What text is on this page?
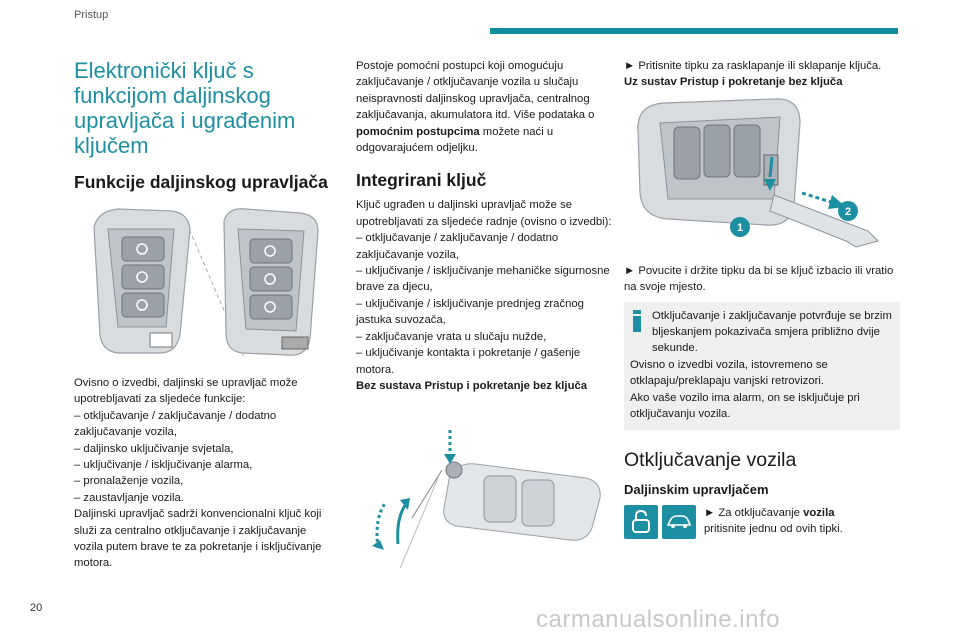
Pristup
Elektronički ključ s funkcijom daljinskog upravljača i ugrađenim ključem
Funkcije daljinskog upravljača

Ovisno o izvedbi, daljinski se upravljač može upotrebljavati za sljedeće funkcije:

– otključavanje / zaključavanje / dodatno zaključavanje vozila,

– daljinsko uključivanje svjetala,

– uključivanje / isključivanje alarma,

– pronalaženje vozila,

– zaustavljanje vozila.

Daljinski upravljač sadrži konvencionalni ključ koji služi za centralno otključavanje i zaključavanje vozila putem brave te za pokretanje i isključivanje motora.

Postoje pomoćni postupci koji omogućuju zaključavanje / otključavanje vozila u slučaju neispravnosti daljinskog upravljača, centralnog zaključavanja, akumulatora itd. Više podataka o pomoćnim postupcima možete naći u odgovarajućem odjeljku.

Integrirani ključ

Ključ ugrađen u daljinski upravljač može se upotrebljavati za sljedeće radnje (ovisno o izvedbi):

– otključavanje / zaključavanje / dodatno zaključavanje vozila,

– uključivanje / isključivanje mehaničke sigurnosne brave za djecu,

– uključivanje / isključivanje prednjeg zračnog jastuka suvozača,

– zaključavanje vrata u slučaju nužde,

– uključivanje kontakta i pokretanje / gašenje motora.

Bez sustava Pristup i pokretanje bez ključa

► Pritisnite tipku za rasklapanje ili sklapanje ključa.

Uz sustav Pristup i pokretanje bez ključa

1
2

► Povucite i držite tipku da bi se ključ izbacio ili vratio na svoje mjesto.

Otključavanje i zaključavanje potvrđuje se brzim bljeskanjem pokazivača smjera približno dvije sekunde.

Ovisno o izvedbi vozila, istovremeno se otklapaju/preklapaju vanjski retrovizori.

Ako vaše vozilo ima alarm, on se isključuje pri otključavanju vozila.

Otključavanje vozila
Daljinskim upravljačem

► Za otključavanje vozila pritisnite jednu od ovih tipki.

20	carmanualsonline.info
